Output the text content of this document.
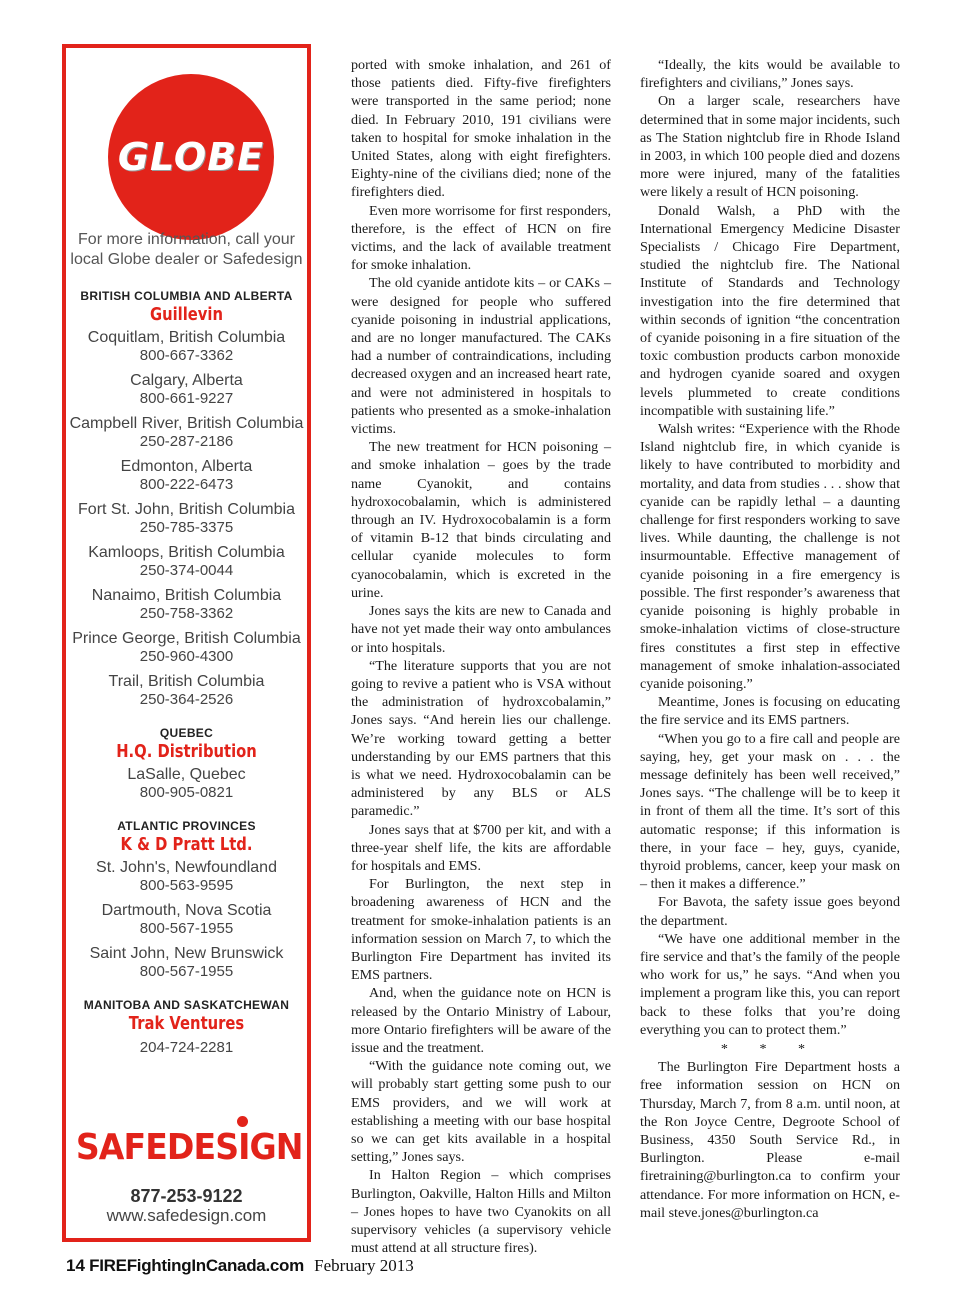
GLOBE
For more information, call your
local Globe dealer or Safedesign
BRITISH COLUMBIA AND ALBERTA
Guillevin
Coquitlam, British Columbia
800-667-3362
Calgary, Alberta
800-661-9227
Campbell River, British Columbia
250-287-2186
Edmonton, Alberta
800-222-6473
Fort St. John, British Columbia
250-785-3375
Kamloops, British Columbia
250-374-0044
Nanaimo, British Columbia
250-758-3362
Prince George, British Columbia
250-960-4300
Trail, British Columbia
250-364-2526
QUEBEC
H.Q. Distribution
LaSalle, Quebec
800-905-0821
ATLANTIC PROVINCES
K & D Pratt Ltd.
St. John's, Newfoundland
800-563-9595
Dartmouth, Nova Scotia
800-567-1955
Saint John, New Brunswick
800-567-1955
MANITOBA AND SASKATCHEWAN
Trak Ventures
204-724-2281
SAFEDESIGN
877-253-9122
www.safedesign.com

ported with smoke inhalation, and 261 of those patients died. Fifty-five firefighters were transported in the same period; none died. In February 2010, 191 civilians were taken to hospital for smoke inhalation in the United States, along with eight firefighters. Eighty-nine of the civilians died; none of the firefighters died.

Even more worrisome for first responders, therefore, is the effect of HCN on fire victims, and the lack of available treatment for smoke inhalation.

The old cyanide antidote kits – or CAKs – were designed for people who suffered cyanide poisoning in industrial applications, and are no longer manufactured. The CAKs had a number of contraindications, including decreased oxygen and an increased heart rate, and were not administered in hospitals to patients who presented as a smoke-inhalation victims.

The new treatment for HCN poisoning – and smoke inhalation – goes by the trade name Cyanokit, and contains hydroxocobalamin, which is administered through an IV. Hydroxocobalamin is a form of vitamin B-12 that binds circulating and cellular cyanide molecules to form cyanocobalamin, which is excreted in the urine.

Jones says the kits are new to Canada and have not yet made their way onto ambulances or into hospitals.

“The literature supports that you are not going to revive a patient who is VSA without the administration of hydroxcobalamin,” Jones says. “And herein lies our challenge. We’re working toward getting a better understanding by our EMS partners that this is what we need. Hydroxocobalamin can be administered by any BLS or ALS paramedic.”

Jones says that at $700 per kit, and with a three-year shelf life, the kits are affordable for hospitals and EMS.

For Burlington, the next step in broadening awareness of HCN and the treatment for smoke-inhalation patients is an information session on March 7, to which the Burlington Fire Department has invited its EMS partners.

And, when the guidance note on HCN is released by the Ontario Ministry of Labour, more Ontario firefighters will be aware of the issue and the treatment.

“With the guidance note coming out, we will probably start getting some push to our EMS providers, and we will work at establishing a meeting with our base hospital so we can get kits available in a hospital setting,” Jones says.

In Halton Region – which comprises Burlington, Oakville, Halton Hills and Milton – Jones hopes to have two Cyanokits on all supervisory vehicles (a supervisory vehicle must attend at all structure fires).

“Ideally, the kits would be available to firefighters and civilians,” Jones says.

On a larger scale, researchers have determined that in some major incidents, such as The Station nightclub fire in Rhode Island in 2003, in which 100 people died and dozens more were injured, many of the fatalities were likely a result of HCN poisoning.

Donald Walsh, a PhD with the International Emergency Medicine Disaster Specialists / Chicago Fire Department, studied the nightclub fire. The National Institute of Standards and Technology investigation into the fire determined that within seconds of ignition “the concentration of cyanide poisoning in a fire situation of the toxic combustion products carbon monoxide and hydrogen cyanide soared and oxygen levels plummeted to create conditions incompatible with sustaining life.”

Walsh writes: “Experience with the Rhode Island nightclub fire, in which cyanide is likely to have contributed to morbidity and mortality, and data from studies . . . show that cyanide can be rapidly lethal – a daunting challenge for first responders working to save lives. While daunting, the challenge is not insurmountable. Effective management of cyanide poisoning in a fire emergency is possible. The first responder’s awareness that cyanide poisoning is highly probable in smoke-inhalation victims of close-structure fires constitutes a first step in effective management of smoke inhalation-associated cyanide poisoning.”

Meantime, Jones is focusing on educating the fire service and its EMS partners.

“When you go to a fire call and people are saying, hey, get your mask on . . . the message definitely has been well received,” Jones says. “The challenge will be to keep it in front of them all the time. It’s sort of this automatic response; if this information is there, in your face – hey, guys, cyanide, thyroid problems, cancer, keep your mask on – then it makes a difference.”

For Bavota, the safety issue goes beyond the department.

“We have one additional member in the fire service and that’s the family of the people who work for us,” he says. “And when you implement a program like this, you can report back to these folks that you’re doing everything you can to protect them.”

* * *

The Burlington Fire Department hosts a free information session on HCN on Thursday, March 7, from 8 a.m. until noon, at the Ron Joyce Centre, Degroote School of Business, 4350 South Service Rd., in Burlington. Please e-mail firetraining@burlington.ca to confirm your attendance. For more information on HCN, e-mail steve.jones@burlington.ca

14 FIREFightingInCanada.com February 2013
